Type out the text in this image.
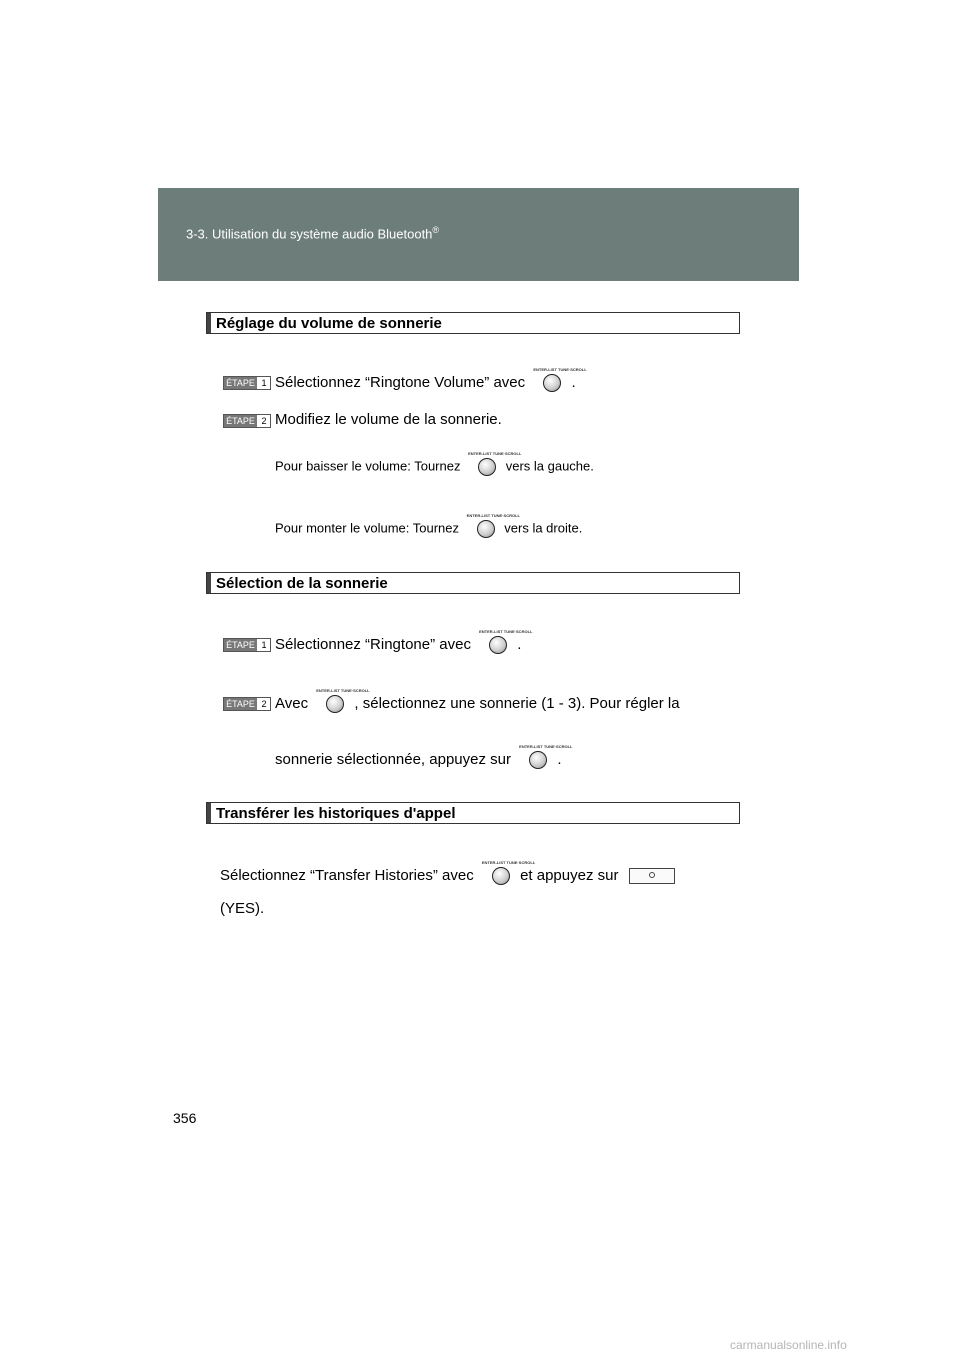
3-3. Utilisation du système audio Bluetooth®
Réglage du volume de sonnerie
ÉTAPE 1 Sélectionnez “Ringtone Volume” avec
ENTER-LIST TUNE·SCROLL
.
ÉTAPE 2 Modifiez le volume de la sonnerie.
Pour baisser le volume: Tournez
ENTER-LIST TUNE·SCROLL
vers la gauche.
Pour monter le volume: Tournez
ENTER-LIST TUNE·SCROLL
vers la droite.
Sélection de la sonnerie
ÉTAPE 1 Sélectionnez “Ringtone” avec
ENTER-LIST TUNE·SCROLL
.
ÉTAPE 2 Avec
ENTER-LIST TUNE·SCROLL
, sélectionnez une sonnerie (1 - 3). Pour régler la
sonnerie sélectionnée, appuyez sur
ENTER-LIST TUNE·SCROLL
.
Transférer les historiques d'appel
Sélectionnez “Transfer Histories” avec
ENTER-LIST TUNE·SCROLL
et appuyez sur
(YES).
356
carmanualsonline.info
